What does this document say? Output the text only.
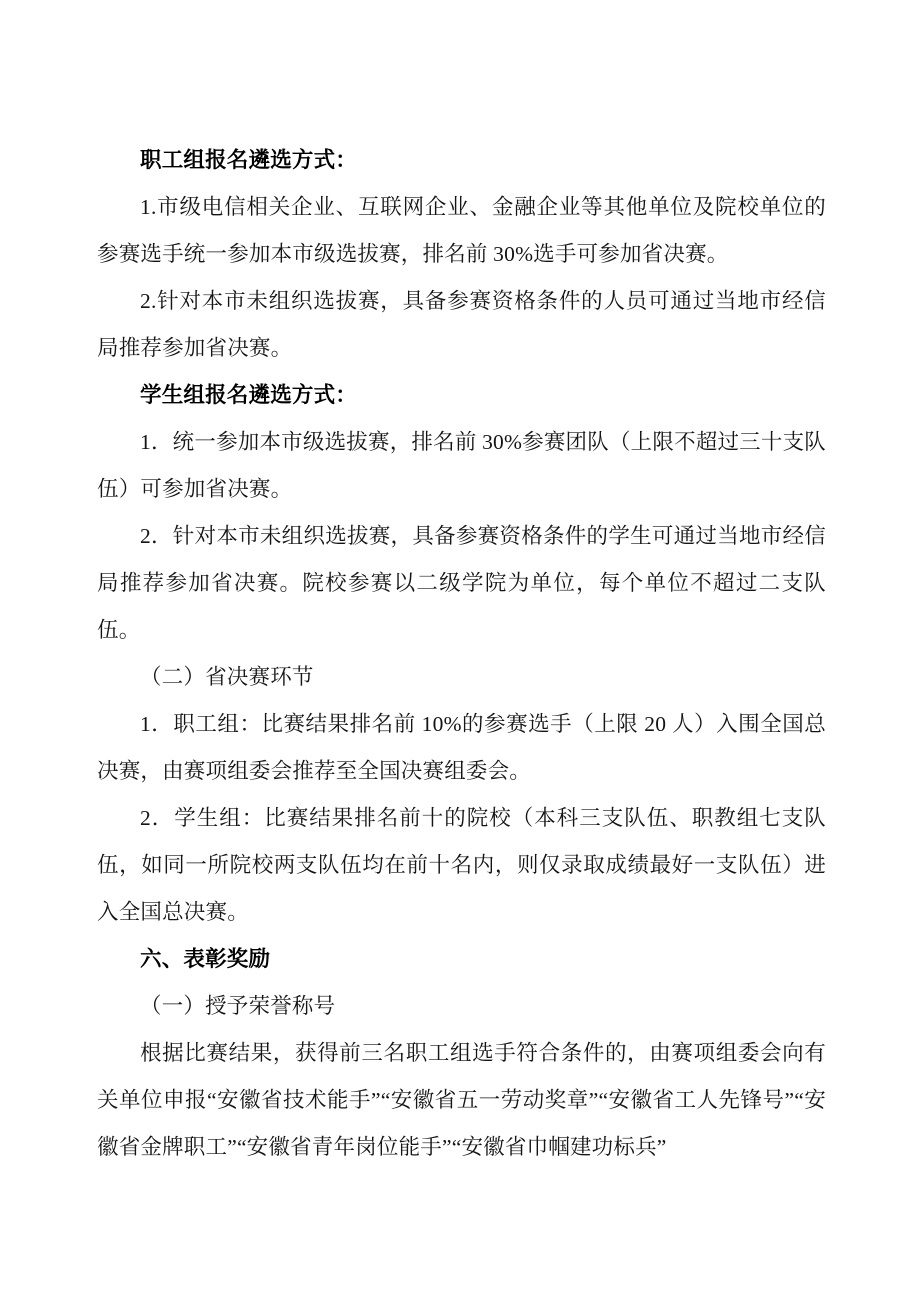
职工组报名遴选方式：

1.市级电信相关企业、互联网企业、金融企业等其他单位及院校单位的参赛选手统一参加本市级选拔赛，排名前 30%选手可参加省决赛。

2.针对本市未组织选拔赛，具备参赛资格条件的人员可通过当地市经信局推荐参加省决赛。

学生组报名遴选方式：

1．统一参加本市级选拔赛，排名前 30%参赛团队（上限不超过三十支队伍）可参加省决赛。

2．针对本市未组织选拔赛，具备参赛资格条件的学生可通过当地市经信局推荐参加省决赛。院校参赛以二级学院为单位，每个单位不超过二支队伍。

（二）省决赛环节

1．职工组：比赛结果排名前 10%的参赛选手（上限 20 人）入围全国总决赛，由赛项组委会推荐至全国决赛组委会。

2．学生组：比赛结果排名前十的院校（本科三支队伍、职教组七支队伍，如同一所院校两支队伍均在前十名内，则仅录取成绩最好一支队伍）进入全国总决赛。

六、表彰奖励

（一）授予荣誉称号

根据比赛结果，获得前三名职工组选手符合条件的，由赛项组委会向有关单位申报“安徽省技术能手”“安徽省五一劳动奖章”“安徽省工人先锋号”“安徽省金牌职工”“安徽省青年岗位能手”“安徽省巾帼建功标兵”
